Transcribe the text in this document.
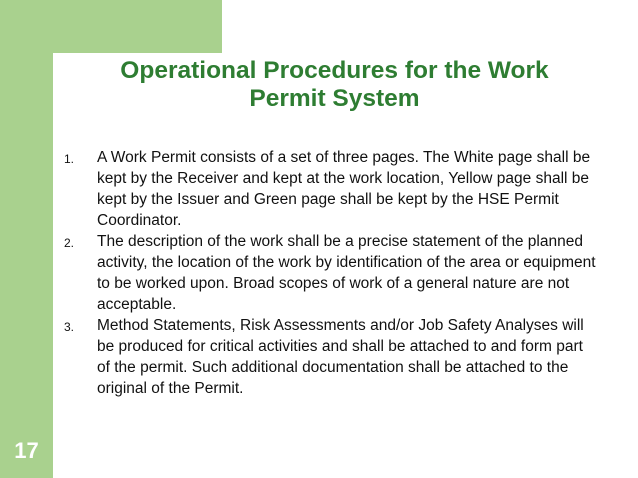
Operational Procedures for the Work Permit System
1. A Work Permit consists of a set of three pages. The White page shall be kept by the Receiver and kept at the work location, Yellow page shall be kept by the Issuer and Green page shall be kept by the HSE Permit Coordinator.
2. The description of the work shall be a precise statement of the planned activity, the location of the work by identification of the area or equipment to be worked upon. Broad scopes of work of a general nature are not acceptable.
3. Method Statements, Risk Assessments and/or Job Safety Analyses will be produced for critical activities and shall be attached to and form part of the permit. Such additional documentation shall be attached to the original of the Permit.
17
